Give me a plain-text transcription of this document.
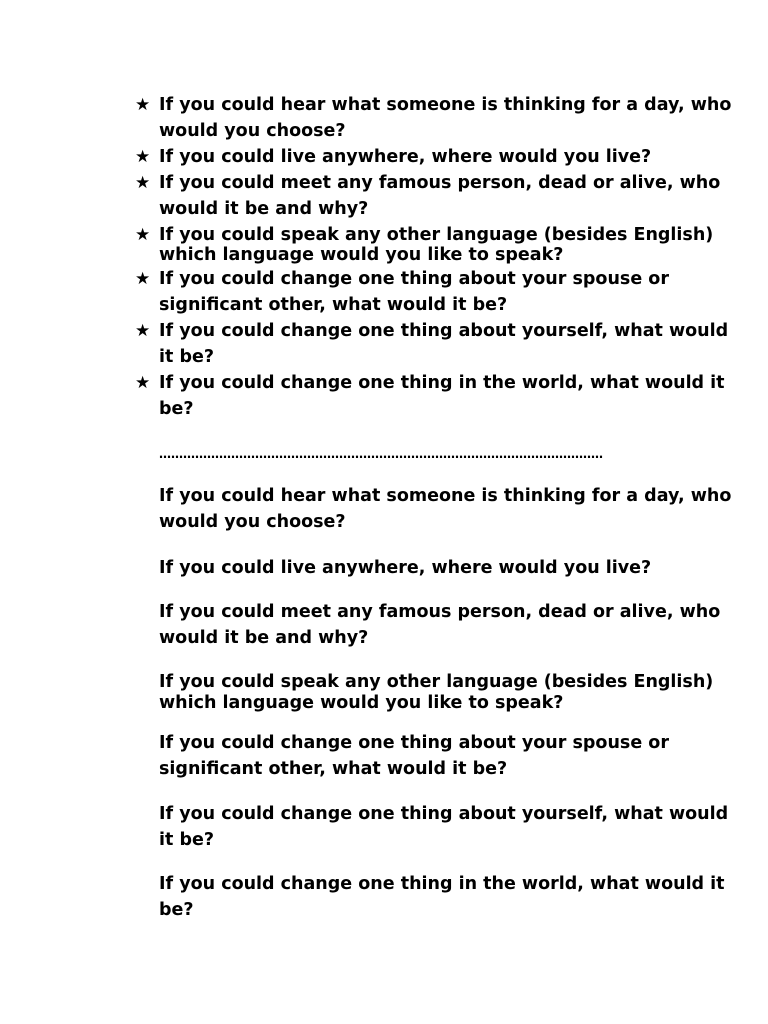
★ If you could hear what someone is thinking for a day, who would you choose?
★ If you could live anywhere, where would you live?
★ If you could meet any famous person, dead or alive, who would it be and why?
★ If you could speak any other language (besides English) which language would you like to speak?
★ If you could change one thing about your spouse or significant other, what would it be?
★ If you could change one thing about yourself, what would it be?
★ If you could change one thing in the world, what would it be?
…………………………………………………………………………………………………

If you could hear what someone is thinking for a day, who would you choose?

If you could live anywhere, where would you live?

If you could meet any famous person, dead or alive, who would it be and why?

If you could speak any other language (besides English) which language would you like to speak?

If you could change one thing about your spouse or significant other, what would it be?

If you could change one thing about yourself, what would it be?

If you could change one thing in the world, what would it be?
